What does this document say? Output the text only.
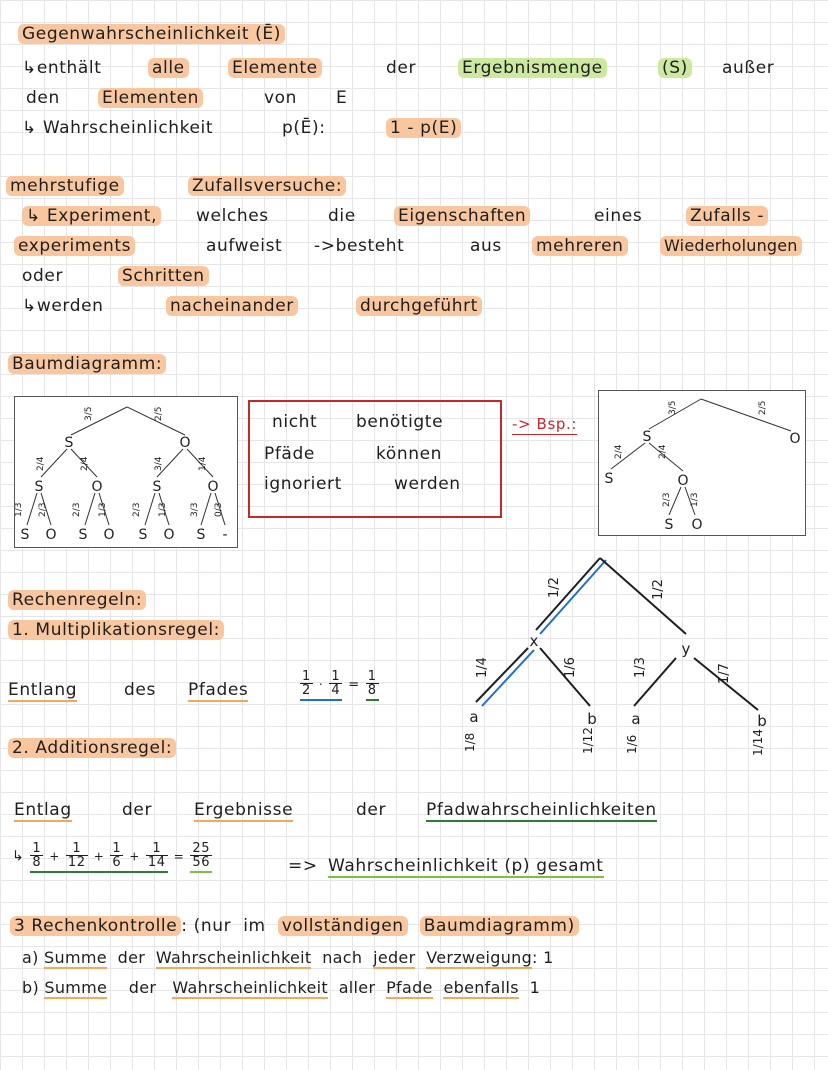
Gegenwahrscheinlichkeit (Ē)
↳enthält	alle	Elemente	der	Ergebnismenge	(S) außer
den Elementen	von E
↳ Wahrscheinlichkeit	p(Ē):	1 - p(E)
mehrstufige	Zufallsversuche:
↳ Experiment, welches	die Eigenschaften	eines	Zufalls -
experiments	aufweist ->besteht	aus mehreren	Wiederholungen
oder	Schritten
↳werden	nacheinander	durchgeführt
Baumdiagramm:
3/5	2/5
2/4	2/4	3/4	1/4
1/3 2/3	2/3 1/3	2/3 1/3 3/3 0/3
S	O
S	O	S	O
S O S O S O S -
nicht benötigte
Pfäde	können
ignoriert	werden
-> Bsp.:
3/5	2/5
2/4	2/4
2/3 1/3
S	O
S	O
S O
1/2	1/2
1/4	1/6	1/3	1/7
x	y
a	b a	b
1/8	1/12	1/6	1/14
Rechenregeln:
1. Multiplikationsregel:
Entlang	des Pfades	$\frac{1}{2} \cdot \frac{1}{4} = \frac{1}{8}$
2. Additionsregel:
Entlag	der Ergebnisse	der Pfadwahrscheinlichkeiten
↳ $\frac{1}{8} + \frac{1}{12} + \frac{1}{6} + \frac{1}{14} = \frac{25}{56}$	=> Wahrscheinlichkeit (p) gesamt
3 Rechenkontrolle : (nur im vollständigen Baumdiagramm)
a) Summe der Wahrscheinlichkeit nach jeder Verzweigung: 1
b) Summe der Wahrscheinlichkeit aller Pfade ebenfalls 1
